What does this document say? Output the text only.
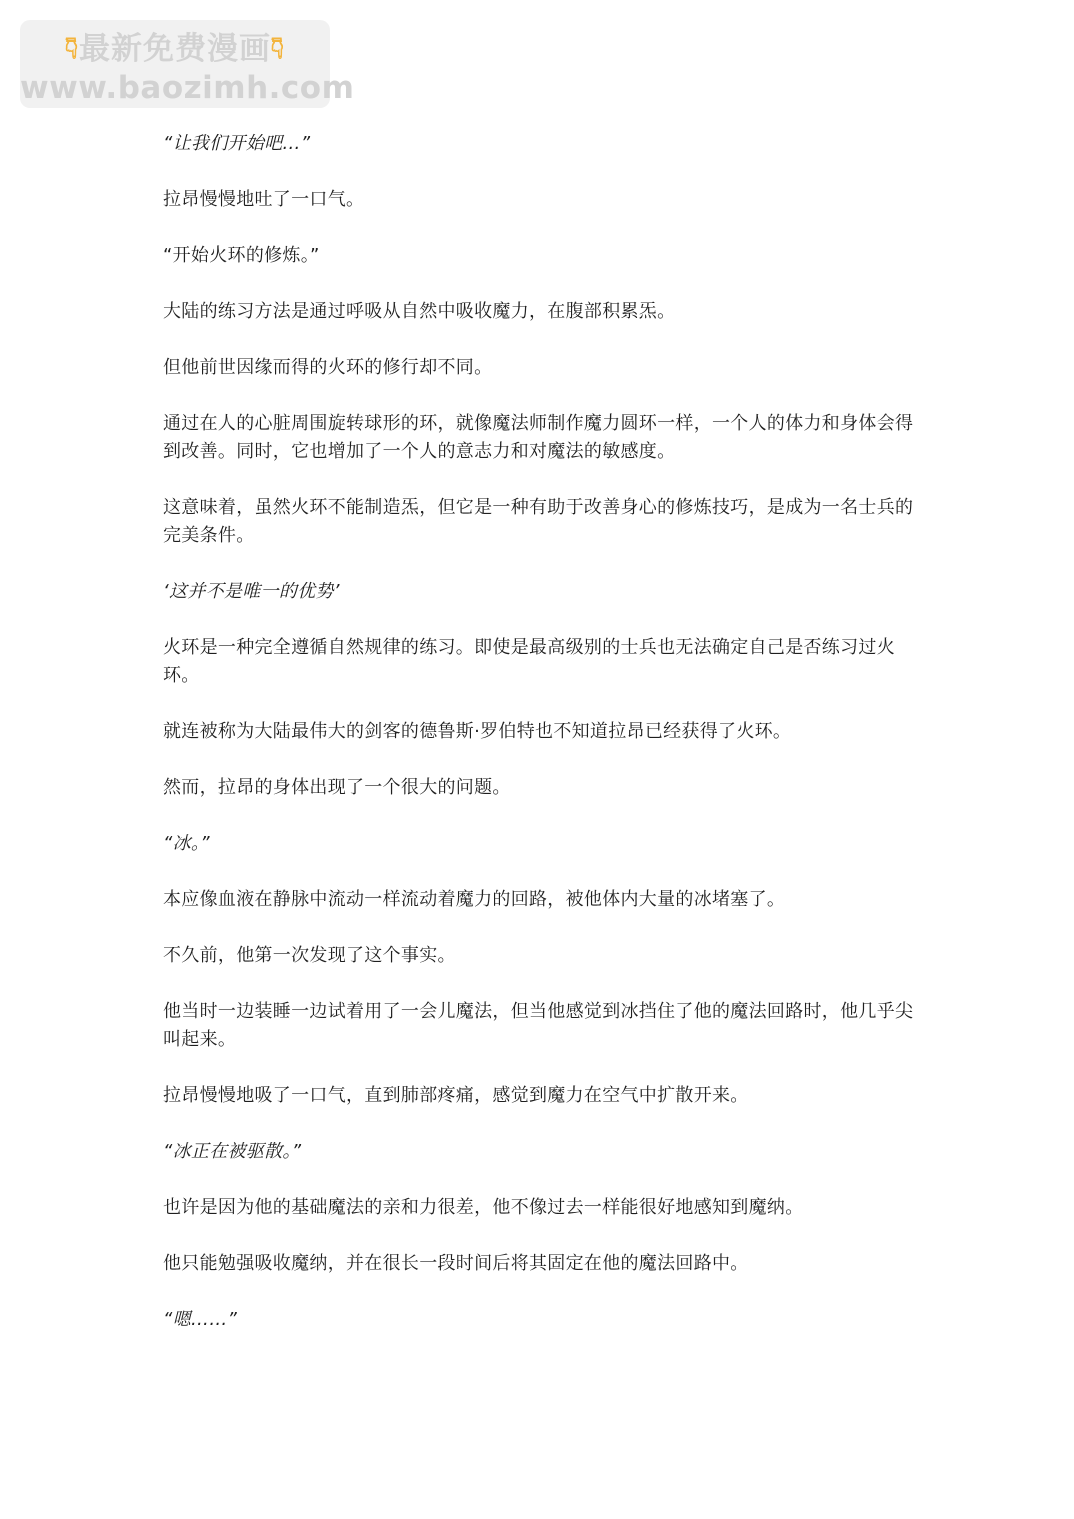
👇︎最新免费漫画👇︎
www.baozimh.com

“让我们开始吧…”

拉昂慢慢地吐了一口气。

“开始火环的修炼。”

大陆的练习方法是通过呼吸从自然中吸收魔力，在腹部积累炁。

但他前世因缘而得的火环的修行却不同。

通过在人的心脏周围旋转球形的环，就像魔法师制作魔力圆环一样，一个人的体力和身体会得到改善。同时，它也增加了一个人的意志力和对魔法的敏感度。

这意味着，虽然火环不能制造炁，但它是一种有助于改善身心的修炼技巧，是成为一名士兵的完美条件。

‘这并不是唯一的优势’

火环是一种完全遵循自然规律的练习。即使是最高级别的士兵也无法确定自己是否练习过火环。

就连被称为大陆最伟大的剑客的德鲁斯·罗伯特也不知道拉昂已经获得了火环。

然而，拉昂的身体出现了一个很大的问题。

“冰。”

本应像血液在静脉中流动一样流动着魔力的回路，被他体内大量的冰堵塞了。

不久前，他第一次发现了这个事实。

他当时一边装睡一边试着用了一会儿魔法，但当他感觉到冰挡住了他的魔法回路时，他几乎尖叫起来。

拉昂慢慢地吸了一口气，直到肺部疼痛，感觉到魔力在空气中扩散开来。

“冰正在被驱散。”

也许是因为他的基础魔法的亲和力很差，他不像过去一样能很好地感知到魔纳。

他只能勉强吸收魔纳，并在很长一段时间后将其固定在他的魔法回路中。

“嗯……”
